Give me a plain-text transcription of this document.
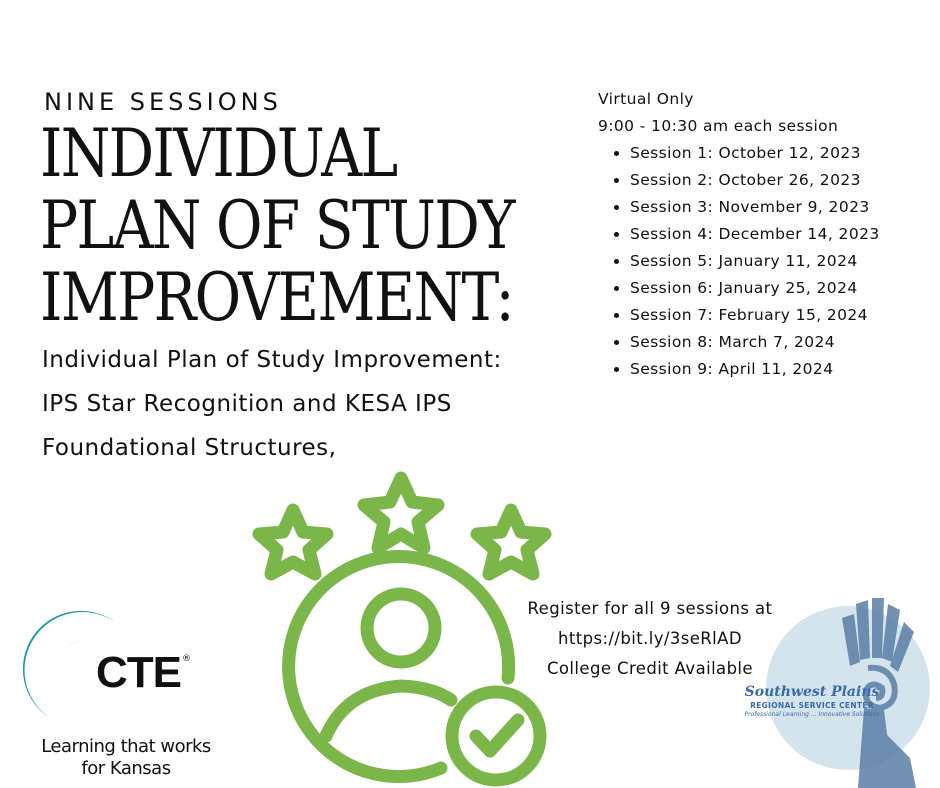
NINE SESSIONS
INDIVIDUAL
PLAN OF STUDY
IMPROVEMENT:
Individual Plan of Study Improvement:
IPS Star Recognition and KESA IPS
Foundational Structures,
Virtual Only
9:00 - 10:30 am each session
• Session 1: October 12, 2023
• Session 2: October 26, 2023
• Session 3: November 9, 2023
• Session 4: December 14, 2023
• Session 5: January 11, 2024
• Session 6: January 25, 2024
• Session 7: February 15, 2024
• Session 8: March 7, 2024
• Session 9: April 11, 2024
Register for all 9 sessions at
https://bit.ly/3seRlAD
College Credit Available
CTE ®
Learning that works
for Kansas
Southwest Plains
REGIONAL SERVICE CENTER
Professional Learning ... Innovative Solutions
